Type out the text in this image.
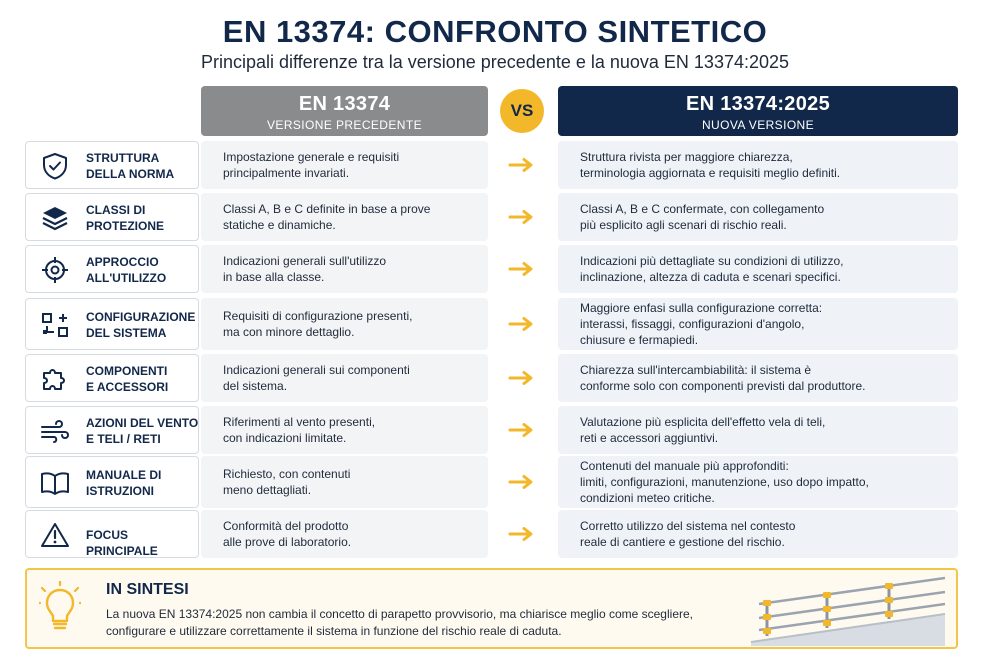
EN 13374: CONFRONTO SINTETICO
Principali differenze tra la versione precedente e la nuova EN 13374:2025
EN 13374
VERSIONE PRECEDENTE
VS	EN 13374:2025
NUOVA VERSIONE
STRUTTURA
DELLA NORMA
Impostazione generale e requisiti
principalmente invariati.
Struttura rivista per maggiore chiarezza,
terminologia aggiornata e requisiti meglio definiti.
CLASSI DI
PROTEZIONE
Classi A, B e C definite in base a prove
statiche e dinamiche.
Classi A, B e C confermate, con collegamento
più esplicito agli scenari di rischio reali.
APPROCCIO
ALL'UTILIZZO
Indicazioni generali sull'utilizzo
in base alla classe.
Indicazioni più dettagliate su condizioni di utilizzo,
inclinazione, altezza di caduta e scenari specifici.
CONFIGURAZIONE
DEL SISTEMA
Requisiti di configurazione presenti,
ma con minore dettaglio.
Maggiore enfasi sulla configurazione corretta:
interassi, fissaggi, configurazioni d'angolo,
chiusure e fermapiedi.
COMPONENTI
E ACCESSORI
Indicazioni generali sui componenti
del sistema.
Chiarezza sull'intercambiabilità: il sistema è
conforme solo con componenti previsti dal produttore.
AZIONI DEL VENTO
E TELI / RETI
Riferimenti al vento presenti,
con indicazioni limitate.
Valutazione più esplicita dell'effetto vela di teli,
reti e accessori aggiuntivi.
MANUALE DI
ISTRUZIONI
Richiesto, con contenuti
meno dettagliati.
Contenuti del manuale più approfonditi:
limiti, configurazioni, manutenzione, uso dopo impatto,
condizioni meteo critiche.
FOCUS PRINCIPALE
Conformità del prodotto
alle prove di laboratorio.
Corretto utilizzo del sistema nel contesto
reale di cantiere e gestione del rischio.
IN SINTESI
La nuova EN 13374:2025 non cambia il concetto di parapetto provvisorio, ma chiarisce meglio come scegliere,
configurare e utilizzare correttamente il sistema in funzione del rischio reale di caduta.
